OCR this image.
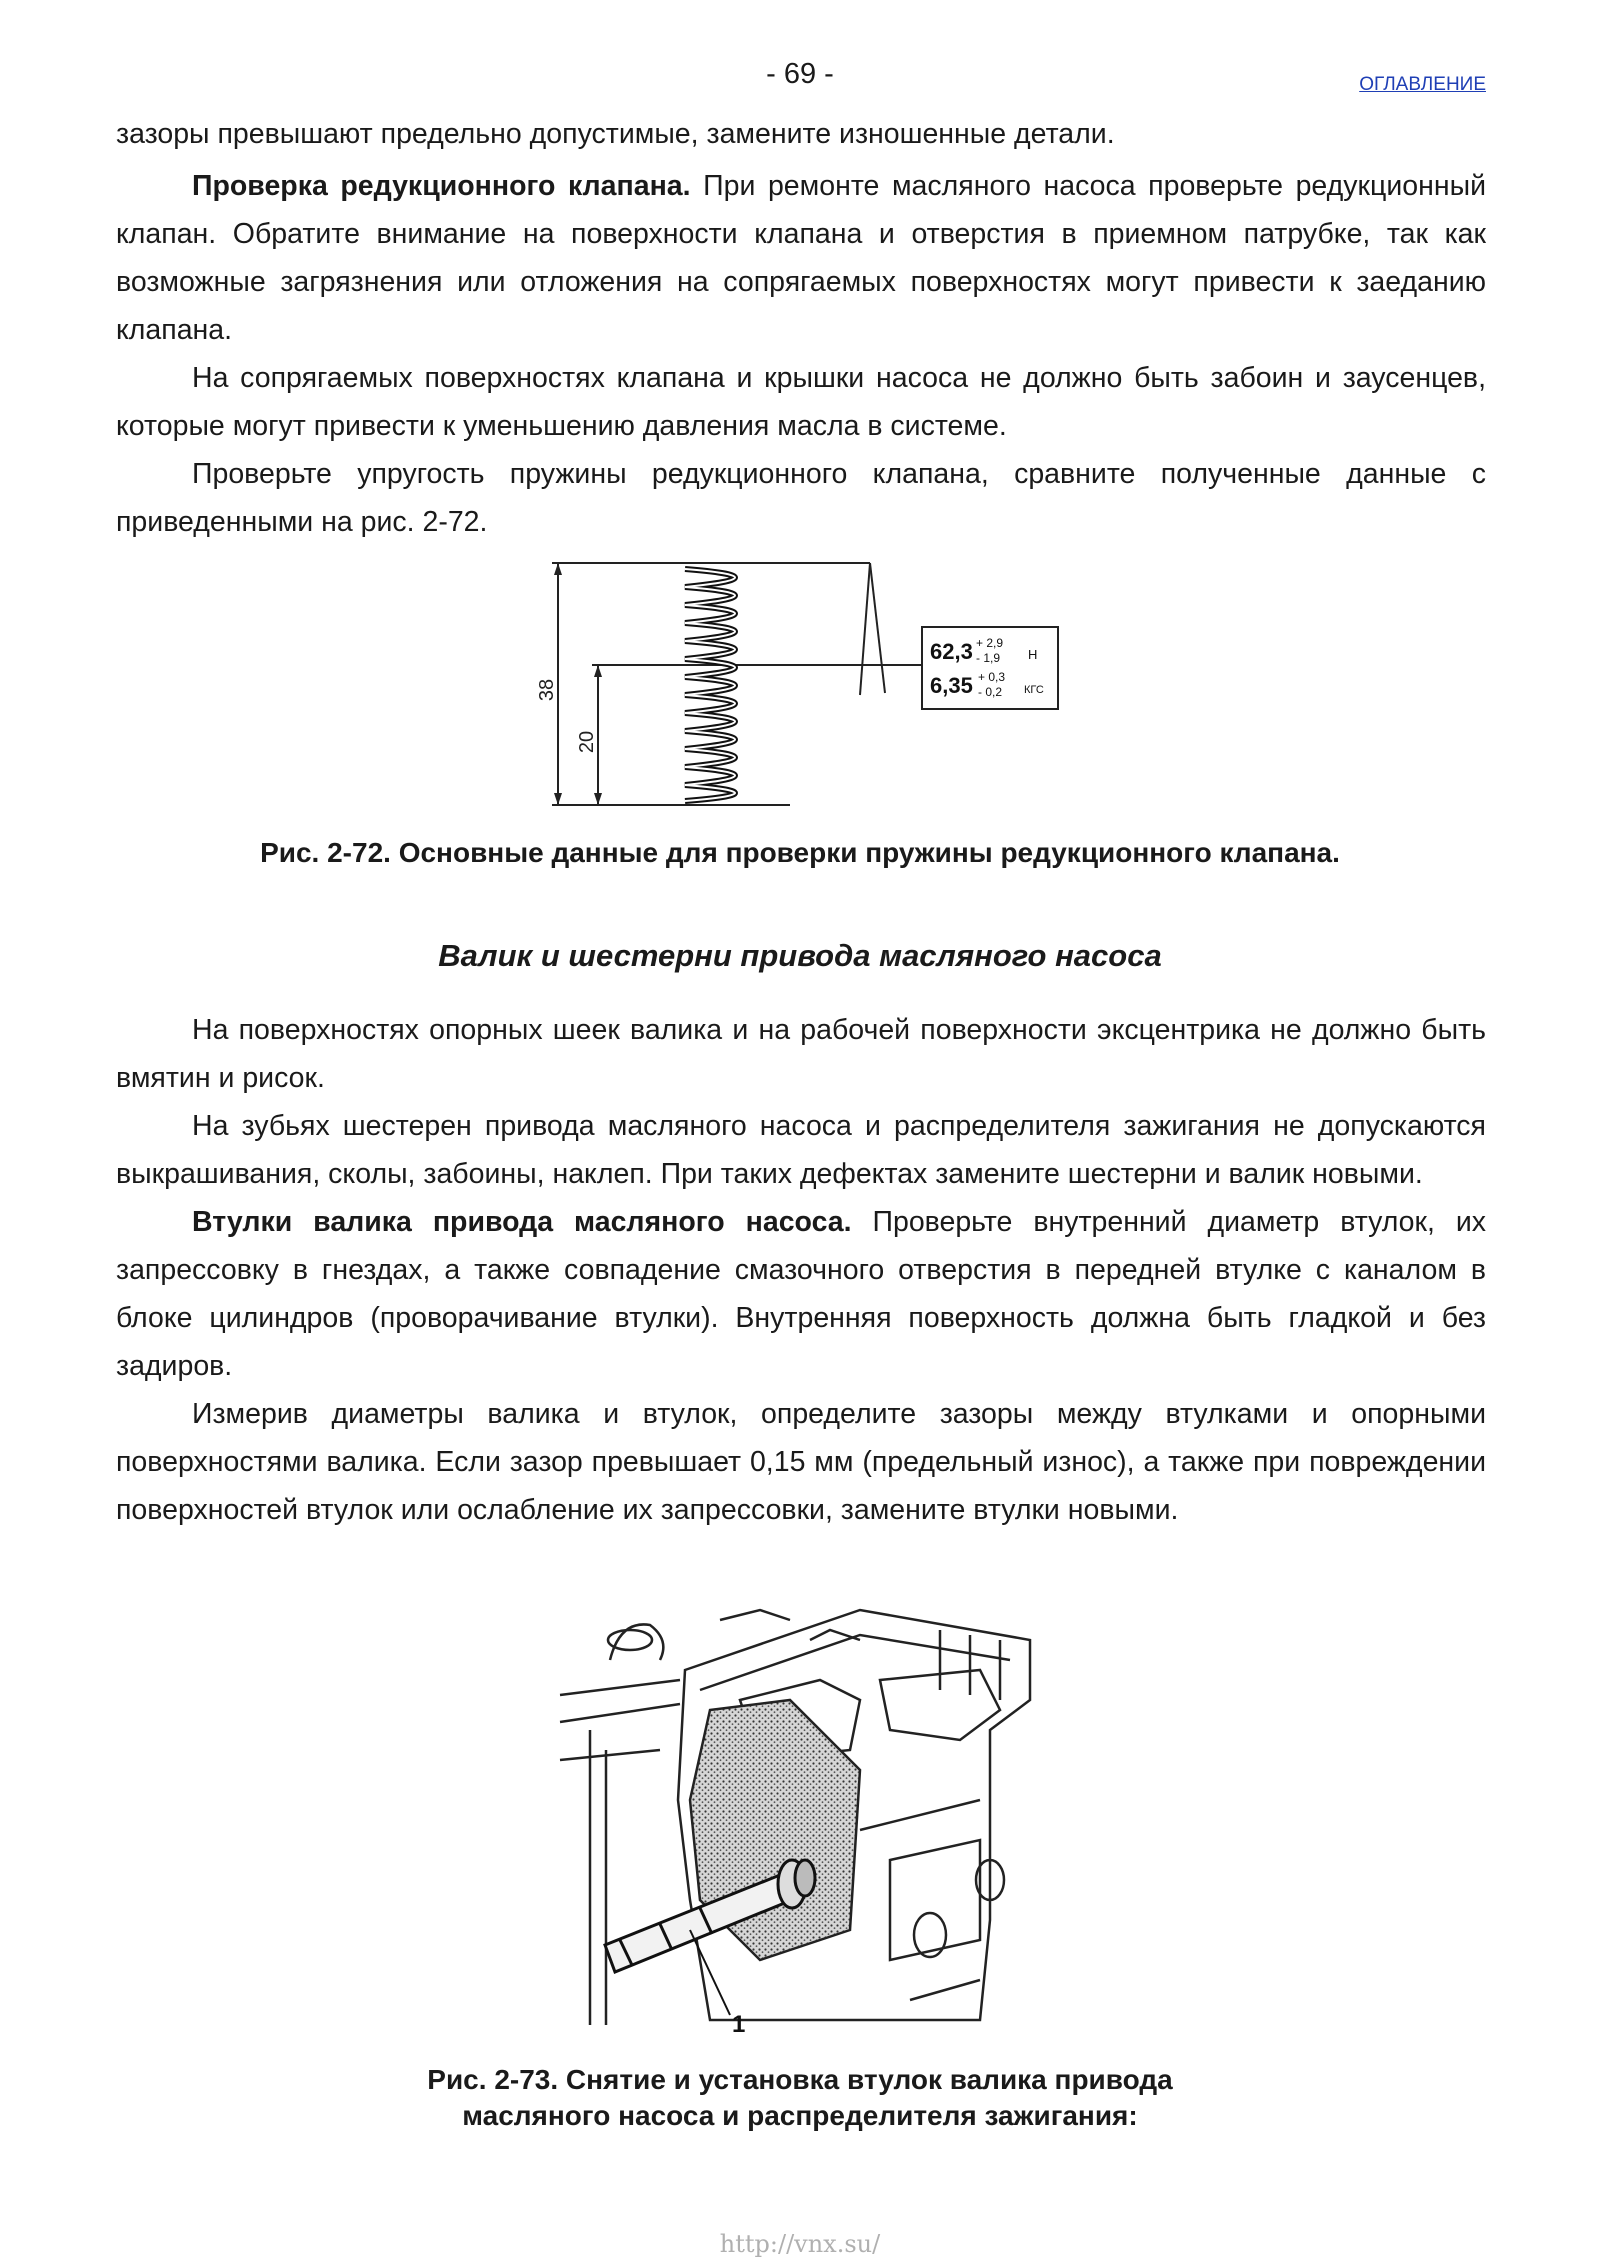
- 69 -	ОГЛАВЛЕНИЕ

зазоры превышают предельно допустимые, замените изношенные детали.

Проверка редукционного клапана. При ремонте масляного насоса проверьте редукционный клапан. Обратите внимание на поверхности клапана и отверстия в приемном патрубке, так как возможные загрязнения или отложения на сопрягаемых поверхностях могут привести к заеданию клапана.

На сопрягаемых поверхностях клапана и крышки насоса не должно быть забоин и заусенцев, которые могут привести к уменьшению давления масла в системе.

Проверьте упругость пружины редукционного клапана, сравните полученные данные с приведенными на рис. 2-72.

38
20
62,3 + 2,9
- 1,9 Н
6,35 + 0,3
- 0,2 КГС
Рис. 2-72. Основные данные для проверки пружины редукционного клапана.
Валик и шестерни привода масляного насоса

На поверхностях опорных шеек валика и на рабочей поверхности эксцентрика не должно быть вмятин и рисок.

На зубьях шестерен привода масляного насоса и распределителя зажигания не допускаются выкрашивания, сколы, забоины, наклеп. При таких дефектах замените шестерни и валик новыми.

Втулки валика привода масляного насоса. Проверьте внутренний диаметр втулок, их запрессовку в гнездах, а также совпадение смазочного отверстия в передней втулке с каналом в блоке цилиндров (проворачивание втулки). Внутренняя поверхность должна быть гладкой и без задиров.

Измерив диаметры валика и втулок, определите зазоры между втулками и опорными поверхностями валика. Если зазор превышает 0,15 мм (предельный износ), а также при повреждении поверхностей втулок или ослабление их запрессовки, замените втулки новыми.

1
Рис. 2-73. Снятие и установка втулок валика привода
масляного насоса и распределителя зажигания:
http://vnx.su/
